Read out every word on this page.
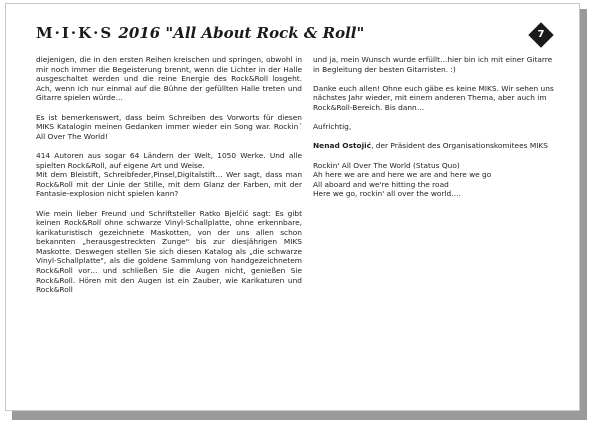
M·I·K·S 2016 "All About Rock & Roll"	7

diejenigen, die in den ersten Reihen kreischen und springen, obwohl in mir noch immer die Begeisterung brennt, wenn die Lichter in der Halle ausgeschaltet werden und die reine Energie des Rock&Roll losgeht. Ach, wenn ich nur einmal auf die Bühne der gefüllten Halle treten und Gitarre spielen würde…

Es ist bemerkenswert, dass beim Schreiben des Vorworts für diesen MIKS Katalogin meinen Gedanken immer wieder ein Song war. Rockin´ All Over The World!

414 Autoren aus sogar 64 Ländern der Welt, 1050 Werke. Und alle spielten Rock&Roll, auf eigene Art und Weise.
Mit dem Bleistift, Schreibfeder,Pinsel,Digitalstift… Wer sagt, dass man Rock&Roll mit der Linie der Stille, mit dem Glanz der Farben, mit der Fantasie-explosion nicht spielen kann?

Wie mein lieber Freund und Schriftsteller Ratko Bjelčić sagt: Es gibt keinen Rock&Roll ohne schwarze Vinyl-Schallplatte, ohne erkennbare, karikaturistisch gezeichnete Maskotten, von der uns allen schon bekannten „herausgestreckten Zunge" bis zur diesjährigen MIKS Maskotte. Deswegen stellen Sie sich diesen Katalog als „die schwarze Vinyl-Schallplatte", als die goldene Sammlung von handgezeichnetem Rock&Roll vor… und schließen Sie die Augen nicht, genießen Sie Rock&Roll. Hören mit den Augen ist ein Zauber, wie Karikaturen und Rock&Roll

und ja, mein Wunsch wurde erfüllt…hier bin ich mit einer Gitarre in Begleitung der besten Gitarristen. :)

Danke euch allen! Ohne euch gäbe es keine MIKS. Wir sehen uns nächstes Jahr wieder, mit einem anderen Thema, aber auch im Rock&Roll-Bereich. Bis dann…

Aufrichtig,

Nenad Ostojić, der Präsident des Organisationskomitees MIKS

Rockin' All Over The World (Status Quo)
Ah here we are and here we are and here we go
All aboard and we're hitting the road
Here we go, rockin' all over the world….
